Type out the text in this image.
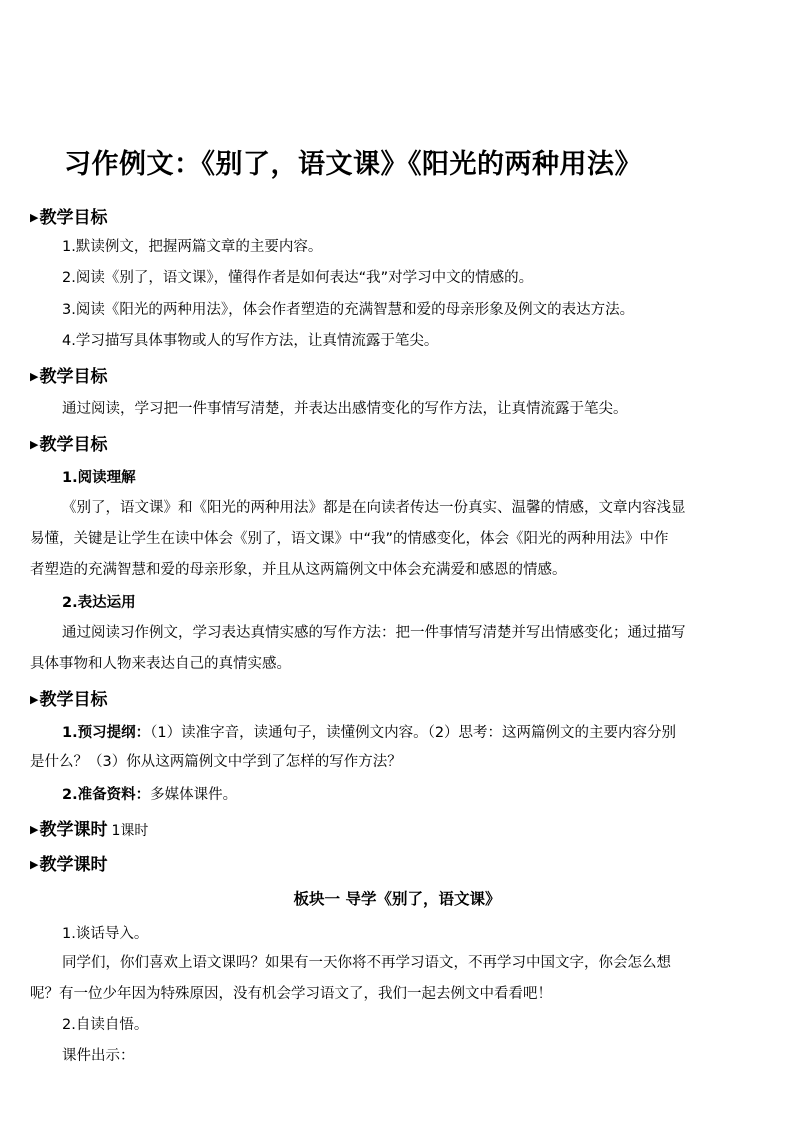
习作例文：《别了，语文课》《阳光的两种用法》
▶教学目标
1.默读例文，把握两篇文章的主要内容。
2.阅读《别了，语文课》，懂得作者是如何表达“我”对学习中文的情感的。
3.阅读《阳光的两种用法》，体会作者塑造的充满智慧和爱的母亲形象及例文的表达方法。
4.学习描写具体事物或人的写作方法，让真情流露于笔尖。
▶教学目标
通过阅读，学习把一件事情写清楚，并表达出感情变化的写作方法，让真情流露于笔尖。
▶教学目标
1.阅读理解
《别了，语文课》和《阳光的两种用法》都是在向读者传达一份真实、温馨的情感，文章内容浅显
易懂，关键是让学生在读中体会《别了，语文课》中“我”的情感变化，体会《阳光的两种用法》中作
者塑造的充满智慧和爱的母亲形象，并且从这两篇例文中体会充满爱和感恩的情感。
2.表达运用
通过阅读习作例文，学习表达真情实感的写作方法：把一件事情写清楚并写出情感变化；通过描写
具体事物和人物来表达自己的真情实感。
▶教学目标
1.预习提纲：（1）读准字音，读通句子，读懂例文内容。（2）思考：这两篇例文的主要内容分别
是什么？（3）你从这两篇例文中学到了怎样的写作方法？
2.准备资料：多媒体课件。
▶教学课时 1课时
▶教学课时
板块一 导学《别了，语文课》
1.谈话导入。
同学们，你们喜欢上语文课吗？如果有一天你将不再学习语文，不再学习中国文字，你会怎么想
呢？有一位少年因为特殊原因，没有机会学习语文了，我们一起去例文中看看吧！
2.自读自悟。
课件出示：
